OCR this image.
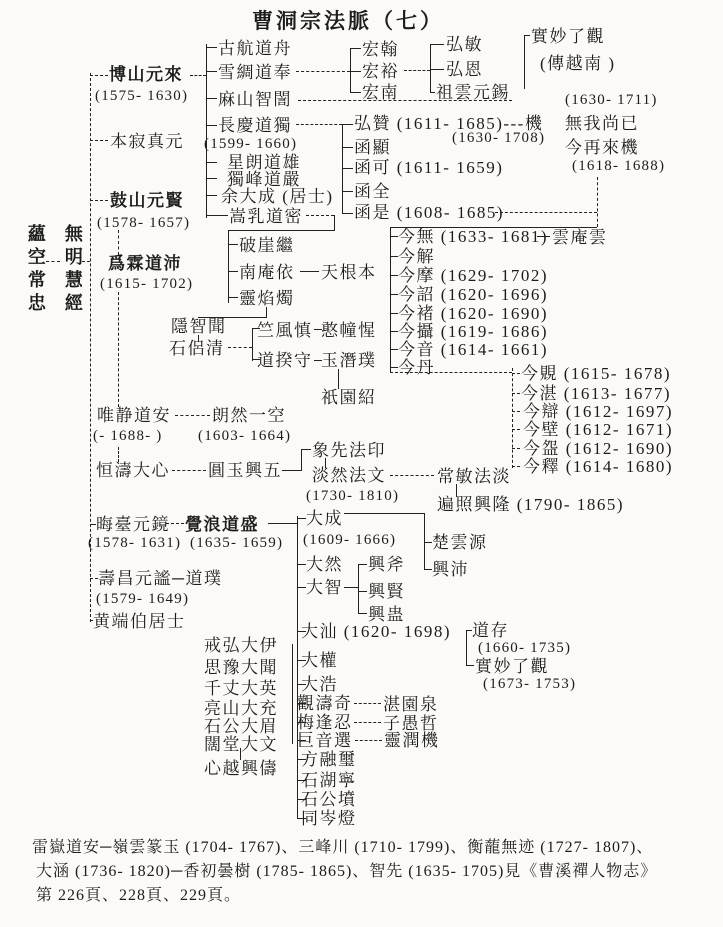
曹洞宗法脈（七）
蘊空常忠 無明慧經
博山元來
(1575- 1630)
本寂真元
鼓山元賢
(1578- 1657)
爲霖道沛
(1615- 1702)
古航道舟
雪綢道奉
麻山智誾
長慶道獨
(1599- 1660)
星朗道雄
獨峰道嚴
余大成 (居士)
嵩乳道密
宏翰
宏裕
宏南
弘敏
弘恩
祖雲元錫
實妙了觀
(傳越南 )
(1630- 1711)
無我尚已
今再來機
(1618- 1688)
弘贊 (1611- 1685)---機
(1630- 1708)
函顯
函可 (1611- 1659)
函全
函是 (1608- 1685)
今無 (1633- 1681) 雲庵雲
今解
今摩 (1629- 1702)
今詔 (1620- 1696)
今褚 (1620- 1690)
今攝 (1619- 1686)
今音 (1614- 1661)
今丹	今覞 (1615- 1678)
今湛 (1613- 1677)
今辯 (1612- 1697)
今壁 (1612- 1671)
今盌 (1612- 1690)
今釋 (1614- 1680)
破崖繼
南庵依 天根本
靈焰燭
隱智聞
石侶清
竺風慎 憨幢惺
道揆守 玉潛璞
祇園紹
唯静道安
(- 1688- )
朗然一空
(1603- 1664)
恒濤大心 圓玉興五
象先法印
淡然法文
(1730- 1810)
常敏法淡
遍照興隆 (1790- 1865)
晦臺元鏡
(1578- 1631)
覺浪道盛
(1635- 1659)
壽昌元謐─道璞
(1579- 1649)
黄端伯居士
大成
(1609- 1666) 楚雲源
興沛
大然
大智
興斧
興賢
興蛊
大汕 (1620- 1698) 道存
(1660- 1735)
實妙了觀
(1673- 1753)
大權
大浩
觀濤奇 湛園泉
梅逢忍 子愚哲
巨音選 靈潤機
方融璽
石湖寧
石公墳
同岑燈
戒弘大伊
思豫大聞
千丈大英
亮山大充
石公大眉
闊堂大文
心越興儔
雷嶽道安─嶺雲篆玉 (1704- 1767)、三峰川 (1710- 1799)、衡蘢無迹 (1727- 1807)、
大涵 (1736- 1820)─香初曇樹 (1785- 1865)、智先 (1635- 1705)見《曹溪禪人物志》
第 226頁、228頁、229頁。
